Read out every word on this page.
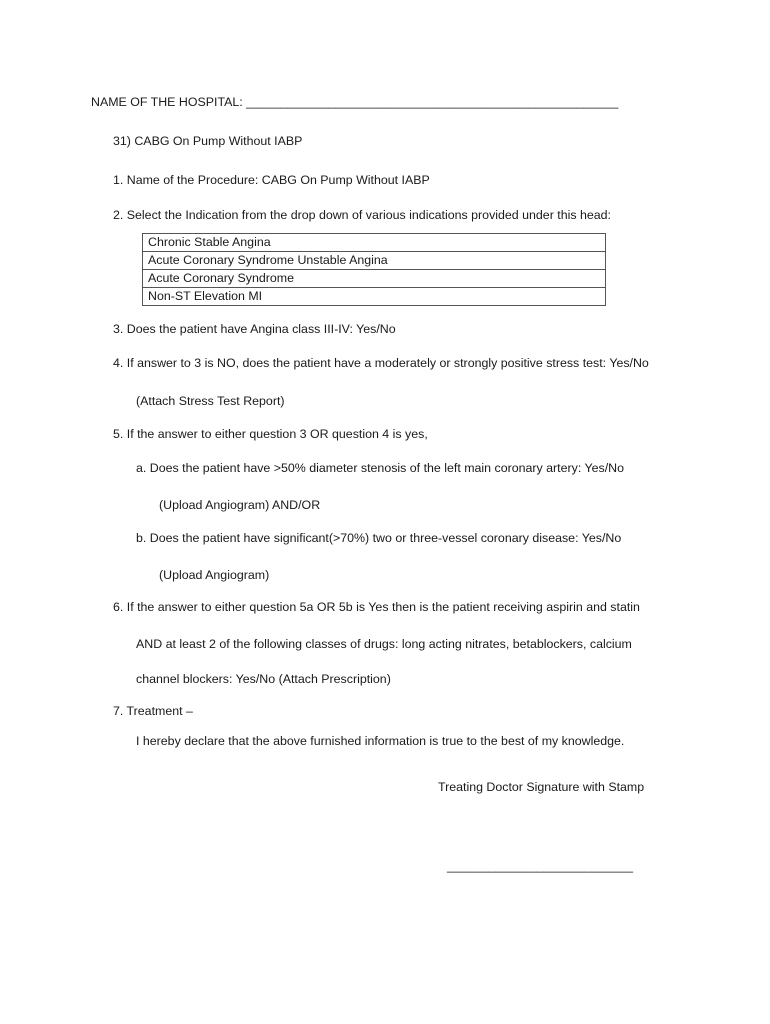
NAME OF THE HOSPITAL: ______________________________________________________
31) CABG On Pump Without IABP
1. Name of the Procedure: CABG On Pump Without IABP
2. Select the Indication from the drop down of various indications provided under this head:
Chronic Stable Angina
Acute Coronary Syndrome Unstable Angina
Acute Coronary Syndrome
Non-ST Elevation MI
3. Does the patient have Angina class III-IV: Yes/No
4. If answer to 3 is NO, does the patient have a moderately or strongly positive stress test: Yes/No
(Attach Stress Test Report)
5. If the answer to either question 3 OR question 4 is yes,
a. Does the patient have >50% diameter stenosis of the left main coronary artery: Yes/No
(Upload Angiogram) AND/OR
b. Does the patient have significant(>70%) two or three-vessel coronary disease: Yes/No
(Upload Angiogram)
6. If the answer to either question 5a OR 5b is Yes then is the patient receiving aspirin and statin
AND at least 2 of the following classes of drugs: long acting nitrates, betablockers, calcium
channel blockers: Yes/No (Attach Prescription)
7. Treatment –
I hereby declare that the above furnished information is true to the best of my knowledge.
Treating Doctor Signature with Stamp
___________________________
